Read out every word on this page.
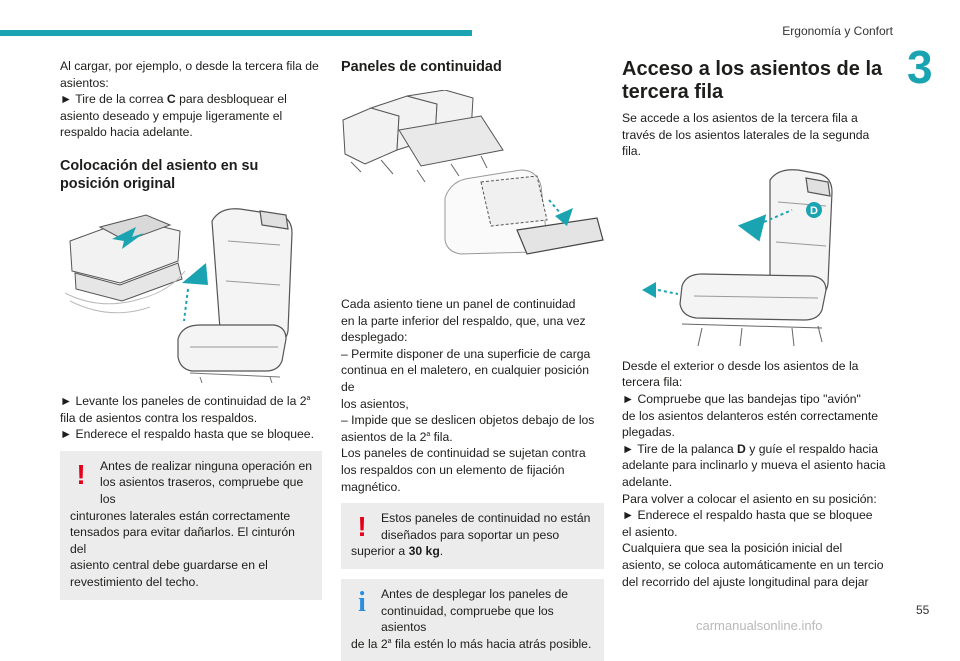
Ergonomía y Confort
3

Al cargar, por ejemplo, o desde la tercera fila de

asientos:

► Tire de la correa C para desbloquear el

asiento deseado y empuje ligeramente el

respaldo hacia adelante.

Colocación del asiento en su
posición original

► Levante los paneles de continuidad de la 2$^a$

fila de asientos contra los respaldos.

► Enderece el respaldo hasta que se bloquee.

!	Antes de realizar ninguna operación en
los asientos traseros, compruebe que los
cinturones laterales están correctamente
tensados para evitar dañarlos. El cinturón del
asiento central debe guardarse en el
revestimiento del techo.
Paneles de continuidad

Cada asiento tiene un panel de continuidad

en la parte inferior del respaldo, que, una vez

desplegado:

– Permite disponer de una superficie de carga

continua en el maletero, en cualquier posición de

los asientos,

– Impide que se deslicen objetos debajo de los

asientos de la 2$^a$ fila.

Los paneles de continuidad se sujetan contra

los respaldos con un elemento de fijación

magnético.

!	Estos paneles de continuidad no están
diseñados para soportar un peso
superior a 30 kg.
i	Antes de desplegar los paneles de
continuidad, compruebe que los asientos
de la 2$^a$ fila estén lo más hacia atrás posible.
Acceso a los asientos de la
tercera fila

Se accede a los asientos de la tercera fila a

través de los asientos laterales de la segunda

fila.

D

Desde el exterior o desde los asientos de la

tercera fila:

► Compruebe que las bandejas tipo "avión"

de los asientos delanteros estén correctamente

plegadas.

► Tire de la palanca D y guíe el respaldo hacia

adelante para inclinarlo y mueva el asiento hacia

adelante.

Para volver a colocar el asiento en su posición:

► Enderece el respaldo hasta que se bloquee

el asiento.

Cualquiera que sea la posición inicial del

asiento, se coloca automáticamente en un tercio

del recorrido del ajuste longitudinal para dejar

55
carmanualsonline.info
